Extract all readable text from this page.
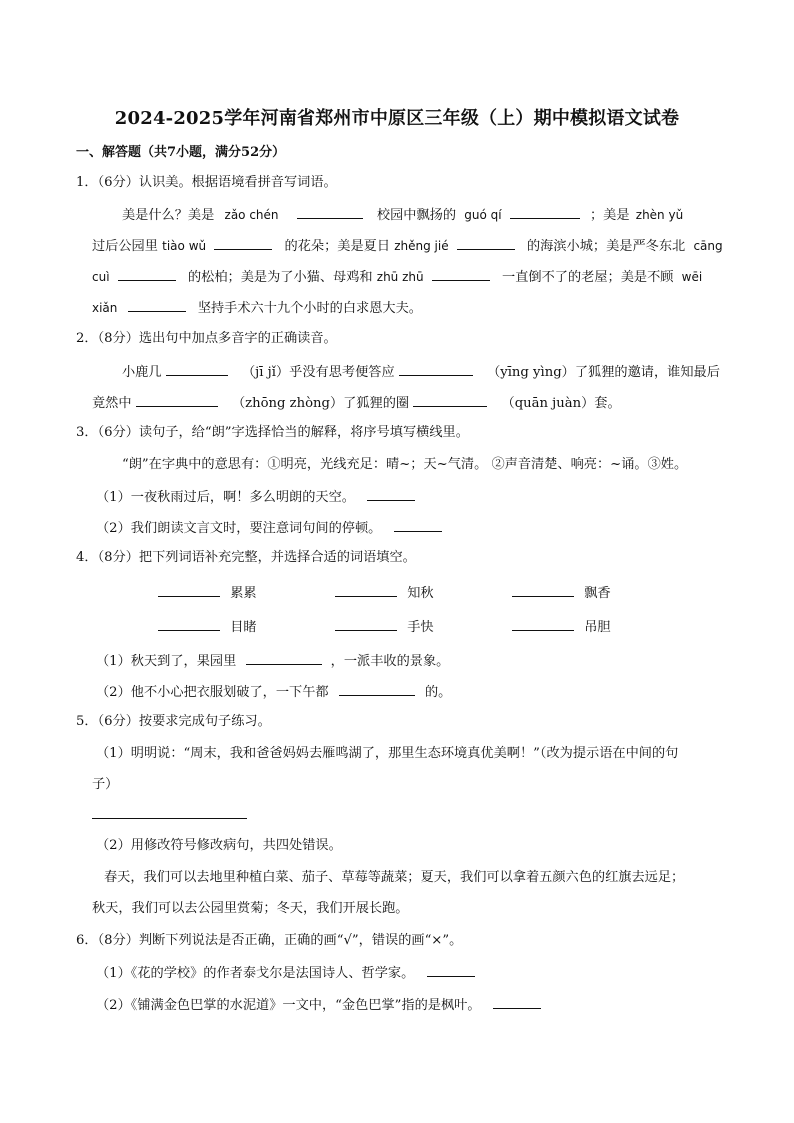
2024-2025学年河南省郑州市中原区三年级（上）期中模拟语文试卷
一、解答题（共7小题，满分52分）
1．（6分）认识美。根据语境看拼音写词语。
美是什么？美是 zǎo chén	校园中飘扬的 guó qí	；美是 zhèn yǔ
过后公园里 tiào wǔ	的花朵；美是夏日 zhěng jié	的海滨小城；美是严冬东北 cāng
cuì	的松柏；美是为了小猫、母鸡和 zhū zhū	一直倒不了的老屋；美是不顾 wēi
xiǎn	坚持手术六十九个小时的白求恩大夫。
2．（8分）选出句中加点多音字的正确读音。
小鹿几	（jī jǐ）乎没有思考便答应	（yīng yìng）了狐狸的邀请，谁知最后
竟然中	（zhōng zhòng）了狐狸的圈	（quān juàn）套。
3．（6分）读句子，给“朗”字选择恰当的解释，将序号填写横线里。
“朗”在字典中的意思有：①明亮，光线充足：晴~；天~气清。 ②声音清楚、响亮：~诵。③姓。
（1）一夜秋雨过后，啊！多么明朗的天空。
（2）我们朗读文言文时，要注意词句间的停顿。
4．（8分）把下列词语补充完整，并选择合适的词语填空。
累累	知秋	飘香
目睹	手快	吊胆
（1）秋天到了，果园里	，一派丰收的景象。
（2）他不小心把衣服划破了，一下午都	的。
5．（6分）按要求完成句子练习。
（1）明明说：“周末，我和爸爸妈妈去雁鸣湖了，那里生态环境真优美啊！”（改为提示语在中间的句
子）
（2）用修改符号修改病句，共四处错误。
春天，我们可以去地里种植白菜、茄子、草莓等蔬菜；夏天，我们可以拿着五颜六色的红旗去远足；
秋天，我们可以去公园里赏菊；冬天，我们开展长跑。
6．（8分）判断下列说法是否正确，正确的画“√”，错误的画“×”。
（1）《花的学校》的作者泰戈尔是法国诗人、哲学家。
（2）《铺满金色巴掌的水泥道》一文中，“金色巴掌”指的是枫叶。
